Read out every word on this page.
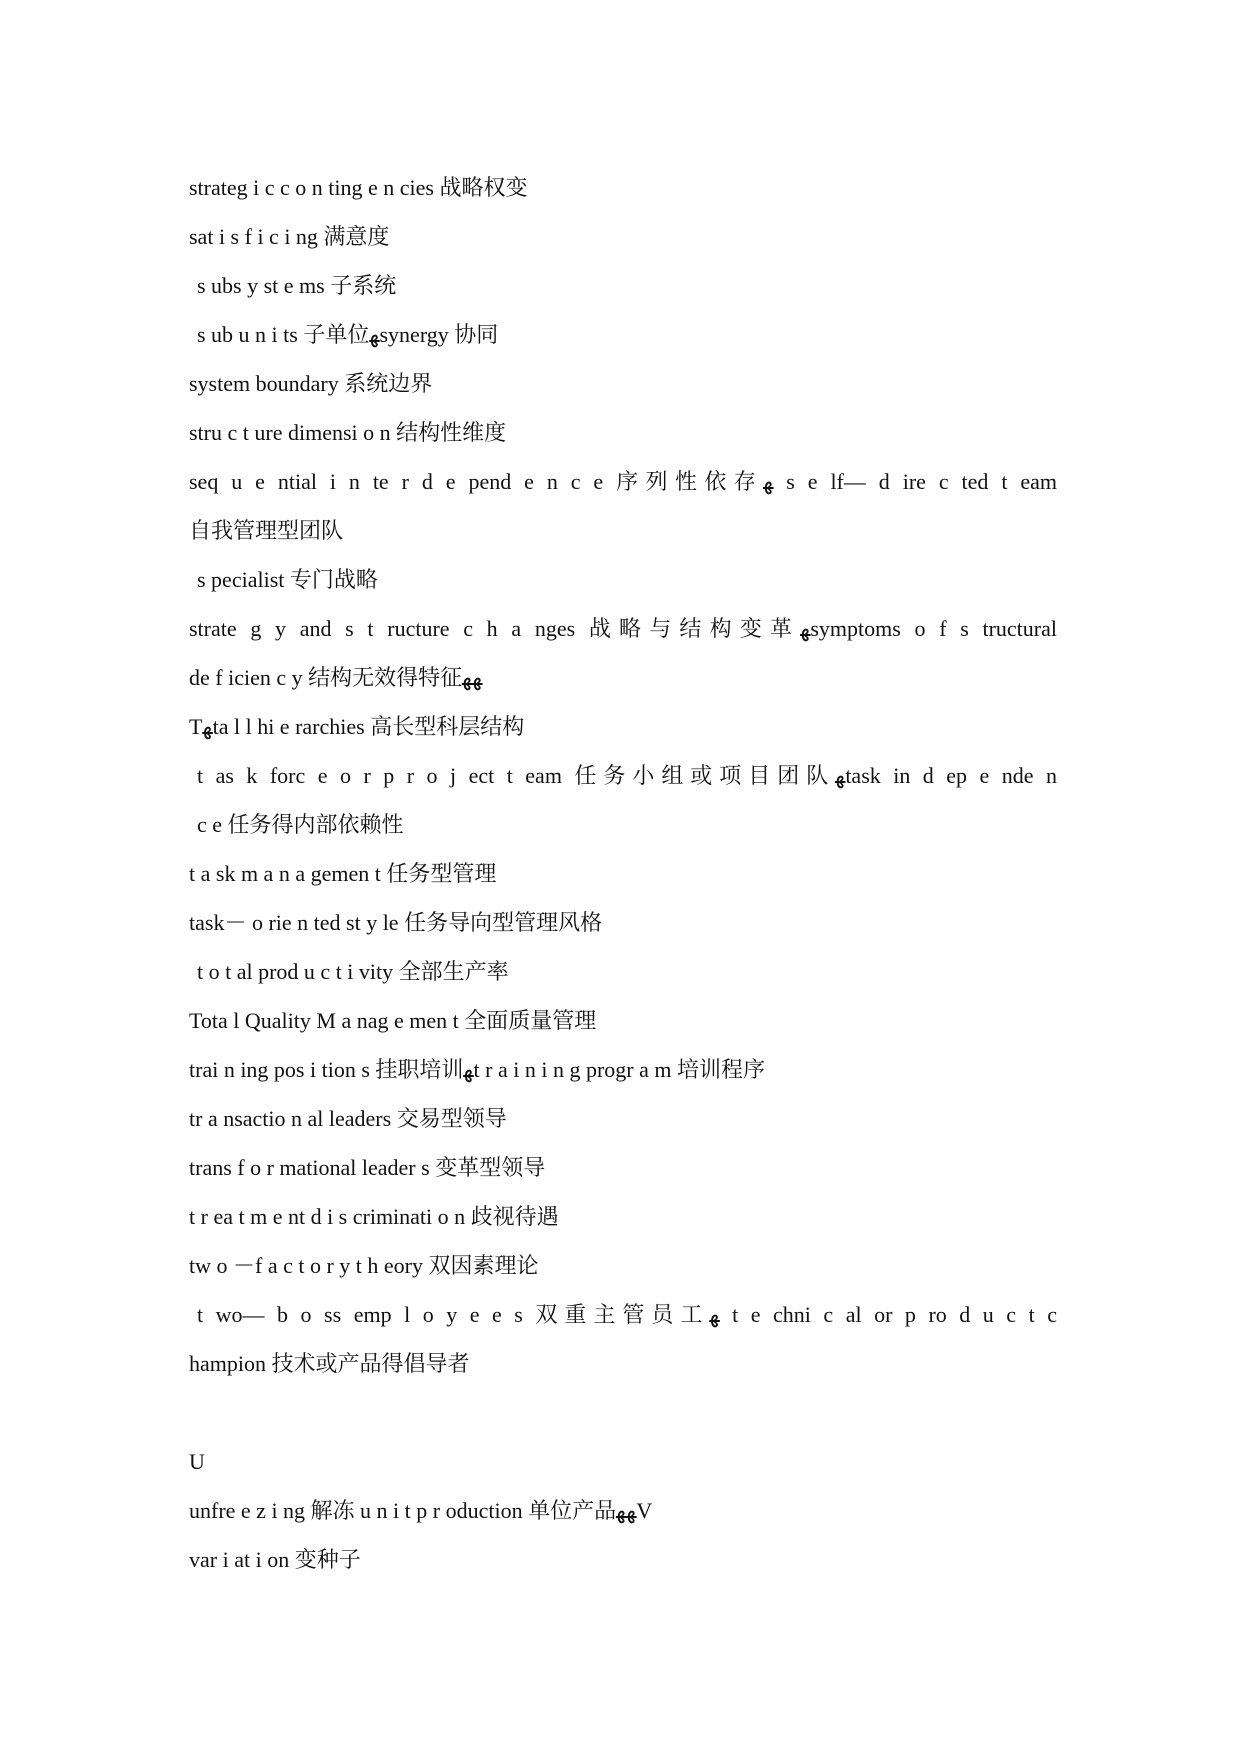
strateg i c c o n ting e n cies 战略权变
sat i s f i c i ng 满意度
s ubs y st e ms 子系统
s ub u n i ts 子单位ﻬsynergy 协同
system boundary 系统边界
stru c t ure dimensi o n 结构性维度
seq u e ntial i n te r d e pend e n c e 序列性依存ﻬ s e lf— d ire c ted t eam
自我管理型团队
s pecialist 专门战略
strate g y and s t ructure c h a nges 战略与结构变革ﻬsymptoms o f s tructural
de f icien c y 结构无效得特征ﻬﻬ
Tﻬta l l hi e rarchies 高长型科层结构
t as k forc e o r p r o j ect t eam 任务小组或项目团队ﻬtask in d ep e nde n
c e 任务得内部依赖性
t a sk m a n a gemen t 任务型管理
task－ o rie n ted st y le 任务导向型管理风格
t o t al prod u c t i vity 全部生产率
Tota l Quality M a nag e men t 全面质量管理
trai n ing pos i tion s 挂职培训ﻬt r a i n i n g progr a m 培训程序
tr a nsactio n al leaders 交易型领导
trans f o r mational leader s 变革型领导
t r ea t m e nt d i s criminati o n 歧视待遇
tw o －f a c t o r y t h eory 双因素理论
t wo— b o ss emp l o y e e s 双重主管员工ﻬ t e chni c al or p ro d u c t c
hampion 技术或产品得倡导者
U
unfre e z i ng 解冻 u n i t p r oduction 单位产品ﻬﻬV
var i at i on 变种子
